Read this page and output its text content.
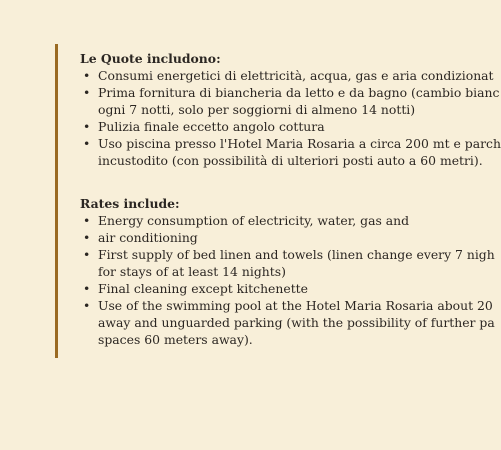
Le Quote includono:

• Consumi energetici di elettricità, acqua, gas e aria condizionat
• Prima fornitura di biancheria da letto e da bagno (cambio bianc
ogni 7 notti, solo per soggiorni di almeno 14 notti)
• Pulizia finale eccetto angolo cottura
• Uso piscina presso l'Hotel Maria Rosaria a circa 200 mt e parch
incustodito (con possibilità di ulteriori posti auto a 60 metri).

Rates include:

• Energy consumption of electricity, water, gas and
• air conditioning
• First supply of bed linen and towels (linen change every 7 nigh
for stays of at least 14 nights)
• Final cleaning except kitchenette
• Use of the swimming pool at the Hotel Maria Rosaria about 20
away and unguarded parking (with the possibility of further pa
spaces 60 meters away).
